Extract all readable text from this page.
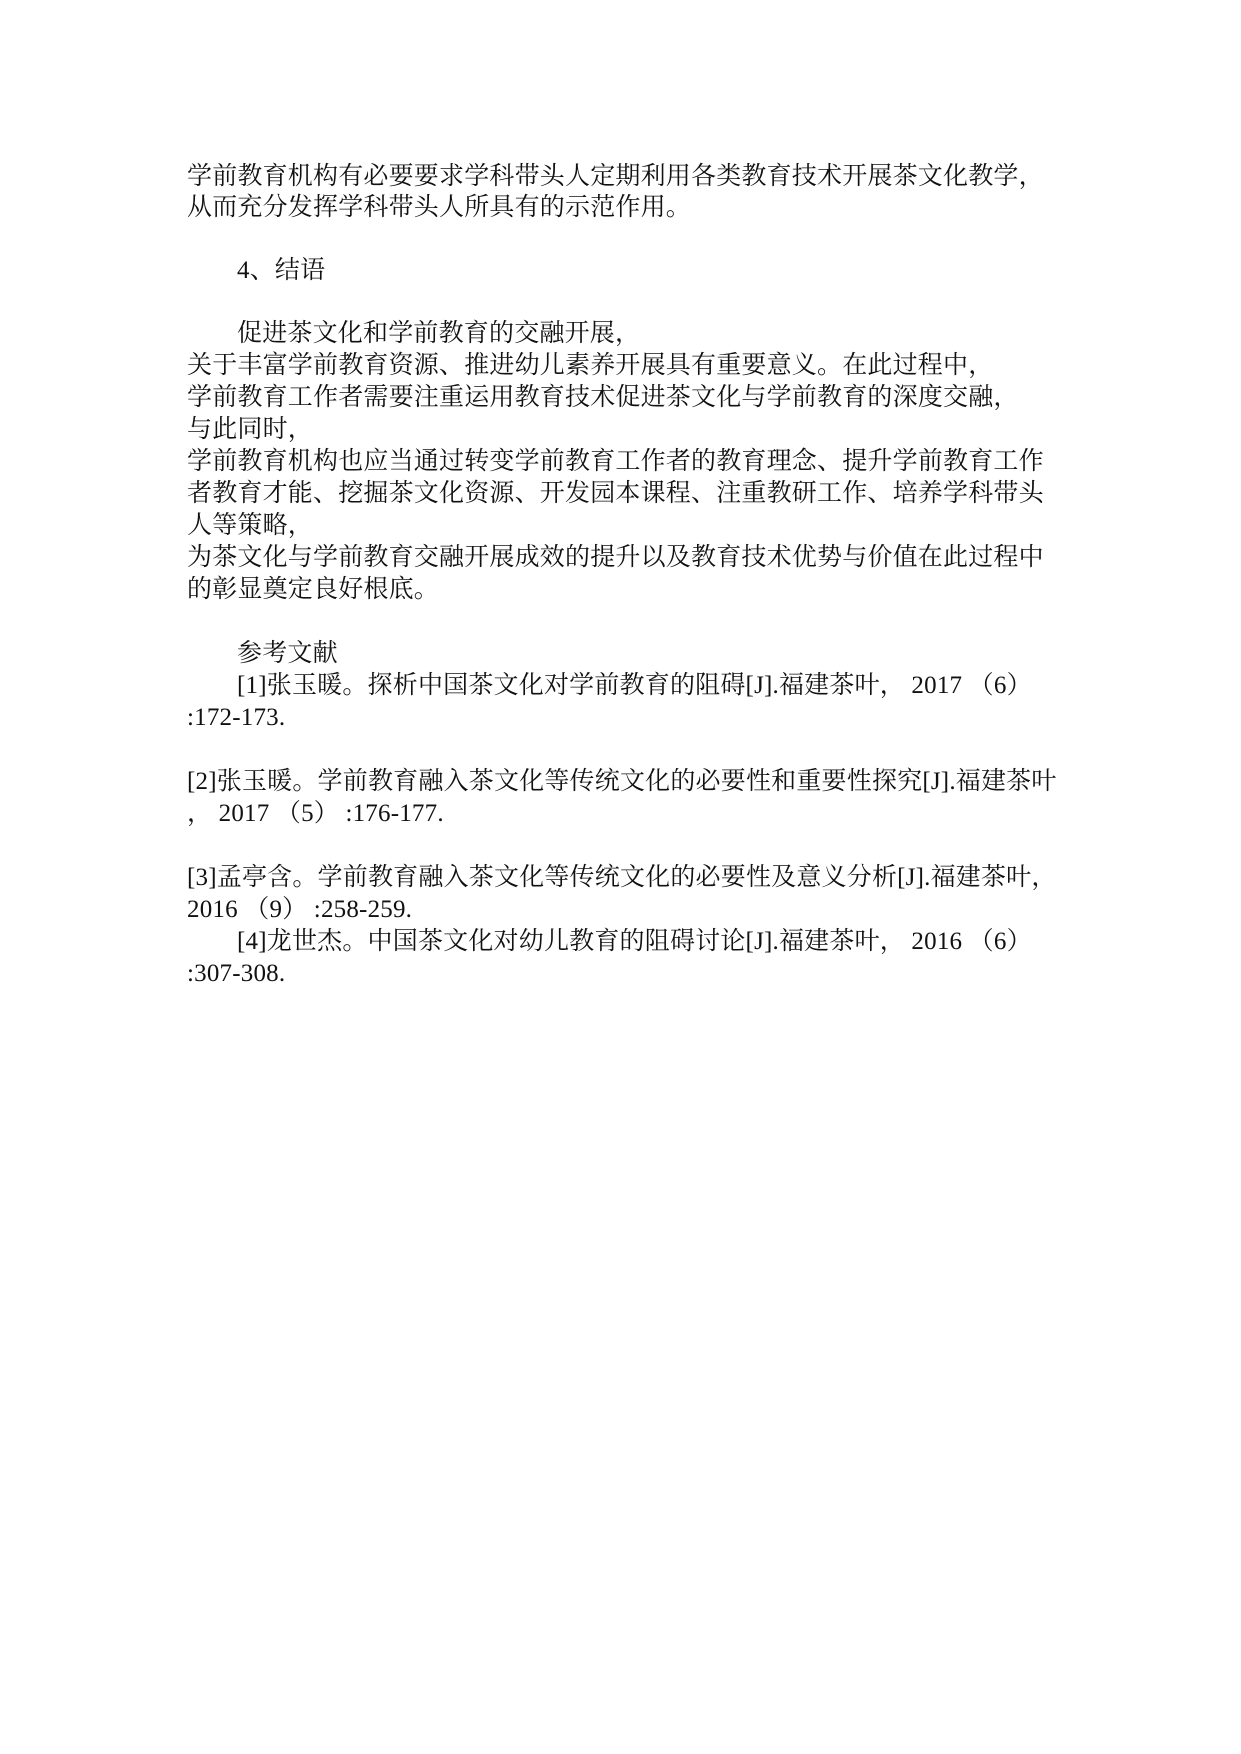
学前教育机构有必要要求学科带头人定期利用各类教育技术开展茶文化教学，
从而充分发挥学科带头人所具有的示范作用。
4、结语
促进茶文化和学前教育的交融开展，
关于丰富学前教育资源、推进幼儿素养开展具有重要意义。在此过程中，
学前教育工作者需要注重运用教育技术促进茶文化与学前教育的深度交融，
与此同时，
学前教育机构也应当通过转变学前教育工作者的教育理念、提升学前教育工作
者教育才能、挖掘茶文化资源、开发园本课程、注重教研工作、培养学科带头
人等策略，
为茶文化与学前教育交融开展成效的提升以及教育技术优势与价值在此过程中
的彰显奠定良好根底。
参考文献
[1]张玉暖。探析中国茶文化对学前教育的阻碍[J].福建茶叶， 2017 （6）
:172-173.
[2]张玉暖。学前教育融入茶文化等传统文化的必要性和重要性探究[J].福建茶叶
， 2017 （5） :176-177.
[3]孟亭含。学前教育融入茶文化等传统文化的必要性及意义分析[J].福建茶叶，
2016 （9） :258-259.
[4]龙世杰。中国茶文化对幼儿教育的阻碍讨论[J].福建茶叶， 2016 （6）
:307-308.
